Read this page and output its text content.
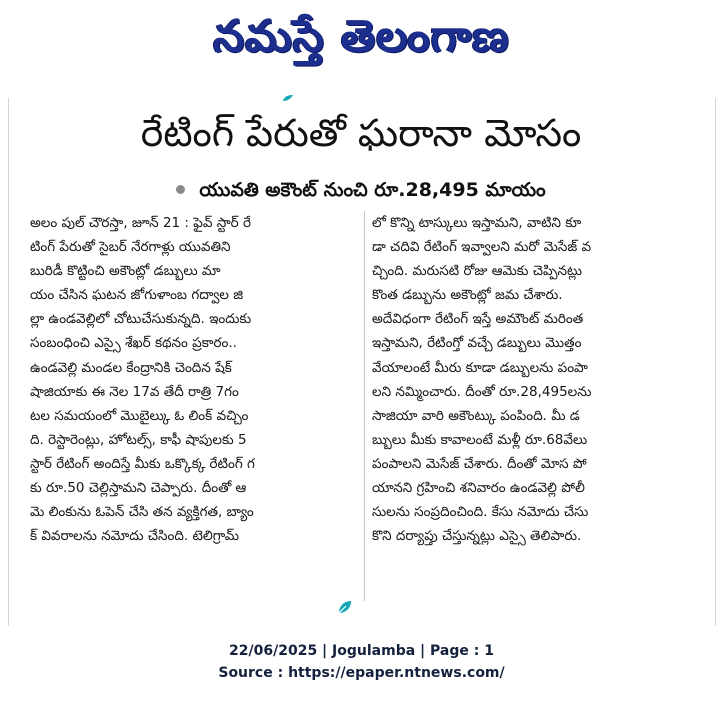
నమస్తే తెలంగాణ
రేటింగ్ పేరుతో ఘరానా మోసం
యువతి అకౌంట్ నుంచి రూ.28,495 మాయం
అలం పుల్ చౌరస్తా, జూన్ 21 : ఫైవ్ స్టార్ రే
టింగ్ పేరుతో సైబర్ నేరగాళ్లు యువతిని
బురిడీ కొట్టించి అకౌంట్లో డబ్బులు మా
యం చేసిన ఘటన జోగుళాంబ గద్వాల జి
ల్లా ఉండవెల్లిలో చోటుచేసుకున్నది. ఇందుకు
సంబంధించి ఎస్సై శేఖర్ కథనం ప్రకారం..
ఉండవెల్లి మండల కేంద్రానికి చెందిన షేక్
షాజియాకు ఈ నెల 17వ తేదీ రాత్రి 7గం
టల సమయంలో మొబైల్కు ఓ లింక్ వచ్చిం
ది. రెస్టారెంట్లు, హోటల్స్, కాఫీ షాపులకు 5
స్టార్ రేటింగ్ అందిస్తే మీకు ఒక్కొక్క రేటింగ్ గ
కు రూ.50 చెల్లిస్తామని చెప్పారు. దీంతో ఆ
మె లింకును ఓపెన్ చేసి తన వ్యక్తిగత, బ్యాం
క్ వివరాలను నమోదు చేసింది. టెలిగ్రామ్
లో కొన్ని టాస్కులు ఇస్తామని, వాటిని కూ
డా చదివి రేటింగ్ ఇవ్వాలని మరో మెసేజ్ వ
చ్చింది. మరుసటి రోజు ఆమెకు చెప్పినట్లు
కొంత డబ్బును అకౌంట్లో జమ చేశారు.
అదేవిధంగా రేటింగ్ ఇస్తే అమౌంట్ మరింత
ఇస్తామని, రేటింగ్తో వచ్చే డబ్బులు మొత్తం
వేయాలంటే మీరు కూడా డబ్బులను పంపా
లని నమ్మించారు. దీంతో రూ.28,495లను
సాజియా వారి అకౌంట్కు పంపింది. మీ డ
బ్బులు మీకు కావాలంటే మళ్లీ రూ.68వేలు
పంపాలని మెసేజ్ చేశారు. దీంతో మోస పో
యానని గ్రహించి శనివారం ఉండవెల్లి పోలీ
సులను సంప్రదించింది. కేసు నమోదు చేసు
కొని దర్యాప్తు చేస్తున్నట్లు ఎస్సై తెలిపారు.
22/06/2025 | Jogulamba | Page : 1
Source : https://epaper.ntnews.com/
